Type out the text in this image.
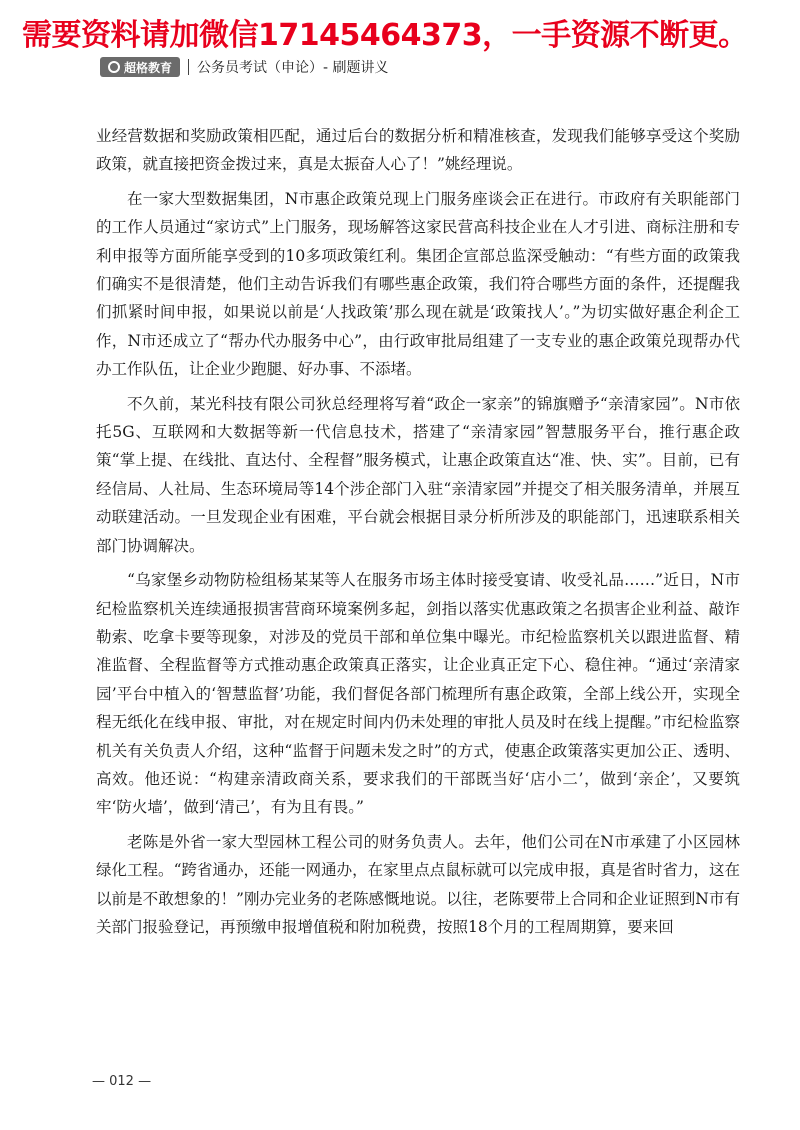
需要资料请加微信17145464373，一手资源不断更。
超格教育 公务员考试（申论）- 刷题讲义

业经营数据和奖励政策相匹配，通过后台的数据分析和精准核查，发现我们能够享受这个奖励政策，就直接把资金拨过来，真是太振奋人心了！”姚经理说。

在一家大型数据集团，N市惠企政策兑现上门服务座谈会正在进行。市政府有关职能部门的工作人员通过“家访式”上门服务，现场解答这家民营高科技企业在人才引进、商标注册和专利申报等方面所能享受到的10多项政策红利。集团企宣部总监深受触动：“有些方面的政策我们确实不是很清楚，他们主动告诉我们有哪些惠企政策，我们符合哪些方面的条件，还提醒我们抓紧时间申报，如果说以前是‘人找政策’那么现在就是‘政策找人’。”为切实做好惠企利企工作，N市还成立了“帮办代办服务中心”，由行政审批局组建了一支专业的惠企政策兑现帮办代办工作队伍，让企业少跑腿、好办事、不添堵。

不久前，某光科技有限公司狄总经理将写着“政企一家亲”的锦旗赠予“亲清家园”。N市依托5G、互联网和大数据等新一代信息技术，搭建了“亲清家园”智慧服务平台，推行惠企政策“掌上提、在线批、直达付、全程督”服务模式，让惠企政策直达“准、快、实”。目前，已有经信局、人社局、生态环境局等14个涉企部门入驻“亲清家园”并提交了相关服务清单，并展互动联建活动。一旦发现企业有困难，平台就会根据目录分析所涉及的职能部门，迅速联系相关部门协调解决。

“乌家堡乡动物防检组杨某某等人在服务市场主体时接受宴请、收受礼品……”近日，N市纪检监察机关连续通报损害营商环境案例多起，剑指以落实优惠政策之名损害企业利益、敲诈勒索、吃拿卡要等现象，对涉及的党员干部和单位集中曝光。市纪检监察机关以跟进监督、精准监督、全程监督等方式推动惠企政策真正落实，让企业真正定下心、稳住神。“通过‘亲清家园’平台中植入的‘智慧监督’功能，我们督促各部门梳理所有惠企政策，全部上线公开，实现全程无纸化在线申报、审批，对在规定时间内仍未处理的审批人员及时在线上提醒。”市纪检监察机关有关负责人介绍，这种“监督于问题未发之时”的方式，使惠企政策落实更加公正、透明、高效。他还说：“构建亲清政商关系，要求我们的干部既当好‘店小二’，做到‘亲企’，又要筑牢‘防火墙’，做到‘清己’，有为且有畏。”

老陈是外省一家大型园林工程公司的财务负责人。去年，他们公司在N市承建了小区园林绿化工程。“跨省通办，还能一网通办，在家里点点鼠标就可以完成申报，真是省时省力，这在以前是不敢想象的！”刚办完业务的老陈感慨地说。以往，老陈要带上合同和企业证照到N市有关部门报验登记，再预缴申报增值税和附加税费，按照18个月的工程周期算，要来回

— 012 —
